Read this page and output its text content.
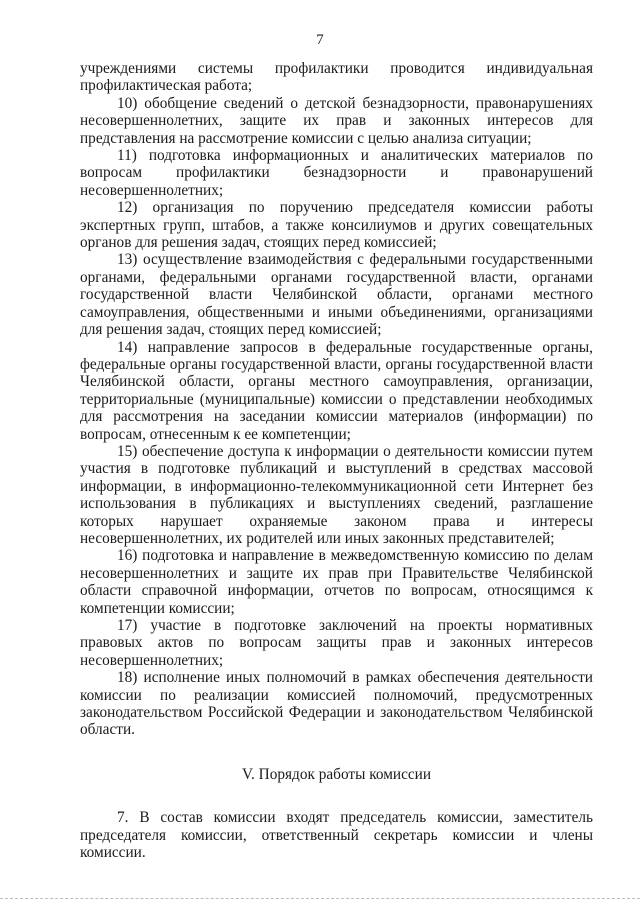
7

учреждениями системы профилактики проводится индивидуальная профилактическая работа;

10) обобщение сведений о детской безнадзорности, правонарушениях несовершеннолетних, защите их прав и законных интересов для представления на рассмотрение комиссии с целью анализа ситуации;

11) подготовка информационных и аналитических материалов по вопросам профилактики безнадзорности и правонарушений несовершеннолетних;

12) организация по поручению председателя комиссии работы экспертных групп, штабов, а также консилиумов и других совещательных органов для решения задач, стоящих перед комиссией;

13) осуществление взаимодействия с федеральными государственными органами, федеральными органами государственной власти, органами государственной власти Челябинской области, органами местного самоуправления, общественными и иными объединениями, организациями для решения задач, стоящих перед комиссией;

14) направление запросов в федеральные государственные органы, федеральные органы государственной власти, органы государственной власти Челябинской области, органы местного самоуправления, организации, территориальные (муниципальные) комиссии о представлении необходимых для рассмотрения на заседании комиссии материалов (информации) по вопросам, отнесенным к ее компетенции;

15) обеспечение доступа к информации о деятельности комиссии путем участия в подготовке публикаций и выступлений в средствах массовой информации, в информационно-телекоммуникационной сети Интернет без использования в публикациях и выступлениях сведений, разглашение которых нарушает охраняемые законом права и интересы несовершеннолетних, их родителей или иных законных представителей;

16) подготовка и направление в межведомственную комиссию по делам несовершеннолетних и защите их прав при Правительстве Челябинской области справочной информации, отчетов по вопросам, относящимся к компетенции комиссии;

17) участие в подготовке заключений на проекты нормативных правовых актов по вопросам защиты прав и законных интересов несовершеннолетних;

18) исполнение иных полномочий в рамках обеспечения деятельности комиссии по реализации комиссией полномочий, предусмотренных законодательством Российской Федерации и законодательством Челябинской области.

V. Порядок работы комиссии

7. В состав комиссии входят председатель комиссии, заместитель председателя комиссии, ответственный секретарь комиссии и члены комиссии.
